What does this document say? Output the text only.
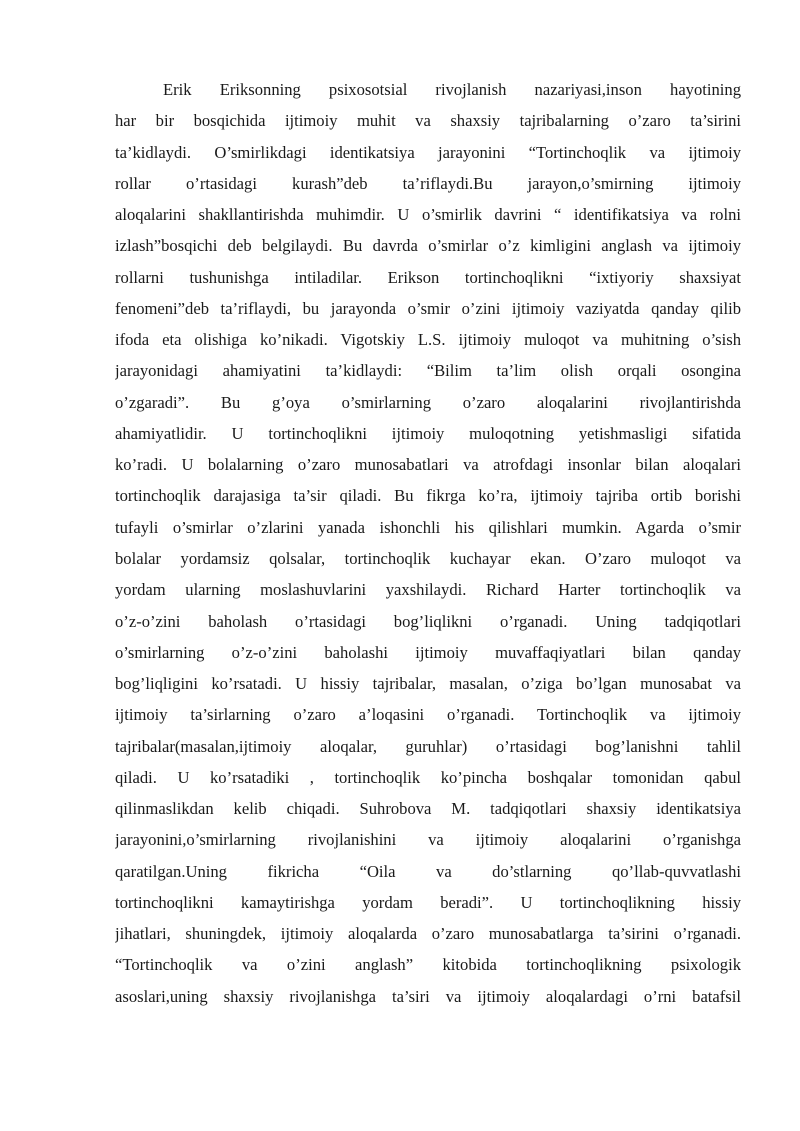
Erik Eriksonning psixosotsial rivojlanish nazariyasi,inson hayotining
har bir bosqichida ijtimoiy muhit va shaxsiy tajribalarning o’zaro ta’sirini
ta’kidlaydi. O’smirlikdagi identikatsiya jarayonini “Tortinchoqlik va ijtimoiy
rollar o’rtasidagi kurash”deb ta’riflaydi.Bu jarayon,o’smirning ijtimoiy
aloqalarini shakllantirishda muhimdir. U o’smirlik davrini “ identifikatsiya va rolni
izlash”bosqichi deb belgilaydi. Bu davrda o’smirlar o’z kimligini anglash va ijtimoiy
rollarni tushunishga intiladilar. Erikson tortinchoqlikni “ixtiyoriy shaxsiyat
fenomeni”deb ta’riflaydi, bu jarayonda o’smir o’zini ijtimoiy vaziyatda qanday qilib
ifoda eta olishiga ko’nikadi. Vigotskiy L.S. ijtimoiy muloqot va muhitning o’sish
jarayonidagi ahamiyatini ta’kidlaydi: “Bilim ta’lim olish orqali osongina
o’zgaradi”. Bu g’oya o’smirlarning o’zaro aloqalarini rivojlantirishda
ahamiyatlidir. U tortinchoqlikni ijtimoiy muloqotning yetishmasligi sifatida
ko’radi. U bolalarning o’zaro munosabatlari va atrofdagi insonlar bilan aloqalari
tortinchoqlik darajasiga ta’sir qiladi. Bu fikrga ko’ra, ijtimoiy tajriba ortib borishi
tufayli o’smirlar o’zlarini yanada ishonchli his qilishlari mumkin. Agarda o’smir
bolalar yordamsiz qolsalar, tortinchoqlik kuchayar ekan. O’zaro muloqot va
yordam ularning moslashuvlarini yaxshilaydi. Richard Harter tortinchoqlik va
o’z-o’zini baholash o’rtasidagi bog’liqlikni o’rganadi. Uning tadqiqotlari
o’smirlarning o’z-o’zini baholashi ijtimoiy muvaffaqiyatlari bilan qanday
bog’liqligini ko’rsatadi. U hissiy tajribalar, masalan, o’ziga bo’lgan munosabat va
ijtimoiy ta’sirlarning o’zaro a’loqasini o’rganadi. Tortinchoqlik va ijtimoiy
tajribalar(masalan,ijtimoiy aloqalar, guruhlar) o’rtasidagi bog’lanishni tahlil
qiladi. U ko’rsatadiki , tortinchoqlik ko’pincha boshqalar tomonidan qabul
qilinmaslikdan kelib chiqadi. Suhrobova M. tadqiqotlari shaxsiy identikatsiya
jarayonini,o’smirlarning rivojlanishini va ijtimoiy aloqalarini o’rganishga
qaratilgan.Uning fikricha “Oila va do’stlarning qo’llab-quvvatlashi
tortinchoqlikni kamaytirishga yordam beradi”. U tortinchoqlikning hissiy
jihatlari, shuningdek, ijtimoiy aloqalarda o’zaro munosabatlarga ta’sirini o’rganadi.
“Tortinchoqlik va o’zini anglash” kitobida tortinchoqlikning psixologik
asoslari,uning shaxsiy rivojlanishga ta’siri va ijtimoiy aloqalardagi o’rni batafsil
